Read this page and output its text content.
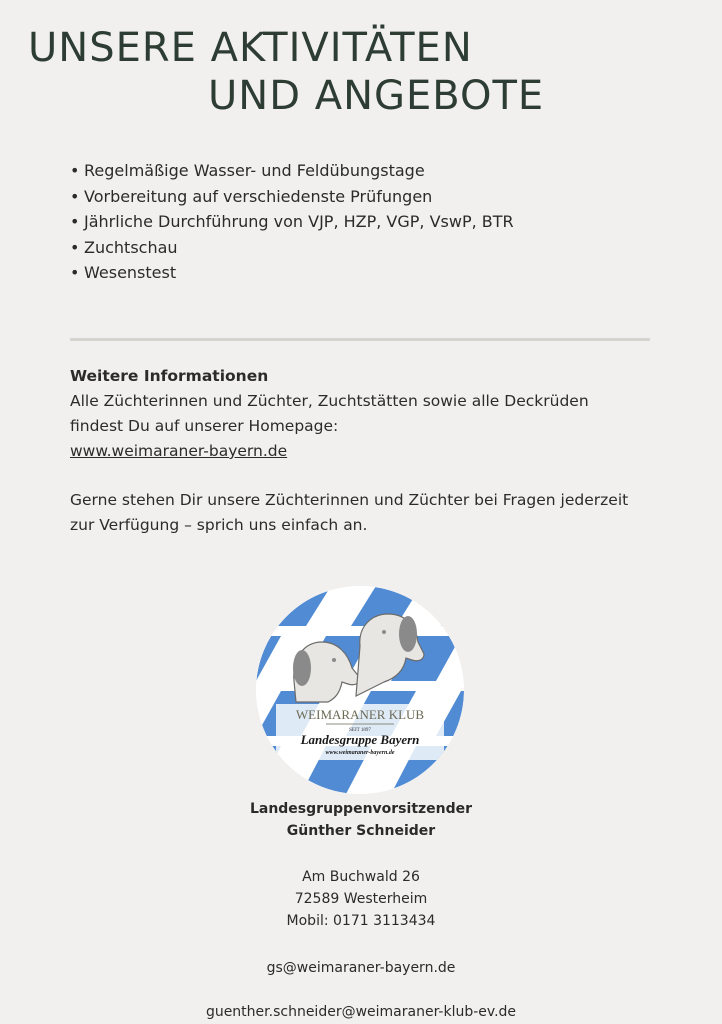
UNSERE AKTIVITÄTEN
UND ANGEBOTE
• Regelmäßige Wasser- und Feldübungstage
• Vorbereitung auf verschiedenste Prüfungen
• Jährliche Durchführung von VJP, HZP, VGP, VswP, BTR
• Zuchtschau
• Wesenstest
Weitere Informationen

Alle Züchterinnen und Züchter, Zuchtstätten sowie alle Deckrüden

findest Du auf unserer Homepage:

www.weimaraner-bayern.de

Gerne stehen Dir unsere Züchterinnen und Züchter bei Fragen jederzeit

zur Verfügung – sprich uns einfach an.

WEIMARANER KLUB
SEIT 1897
Landesgruppe Bayern
www.weimaraner-bayern.de
Landesgruppenvorsitzender
Günther Schneider
Am Buchwald 26
72589 Westerheim
Mobil: 0171 3113434
gs@weimaraner-bayern.de
guenther.schneider@weimaraner-klub-ev.de
